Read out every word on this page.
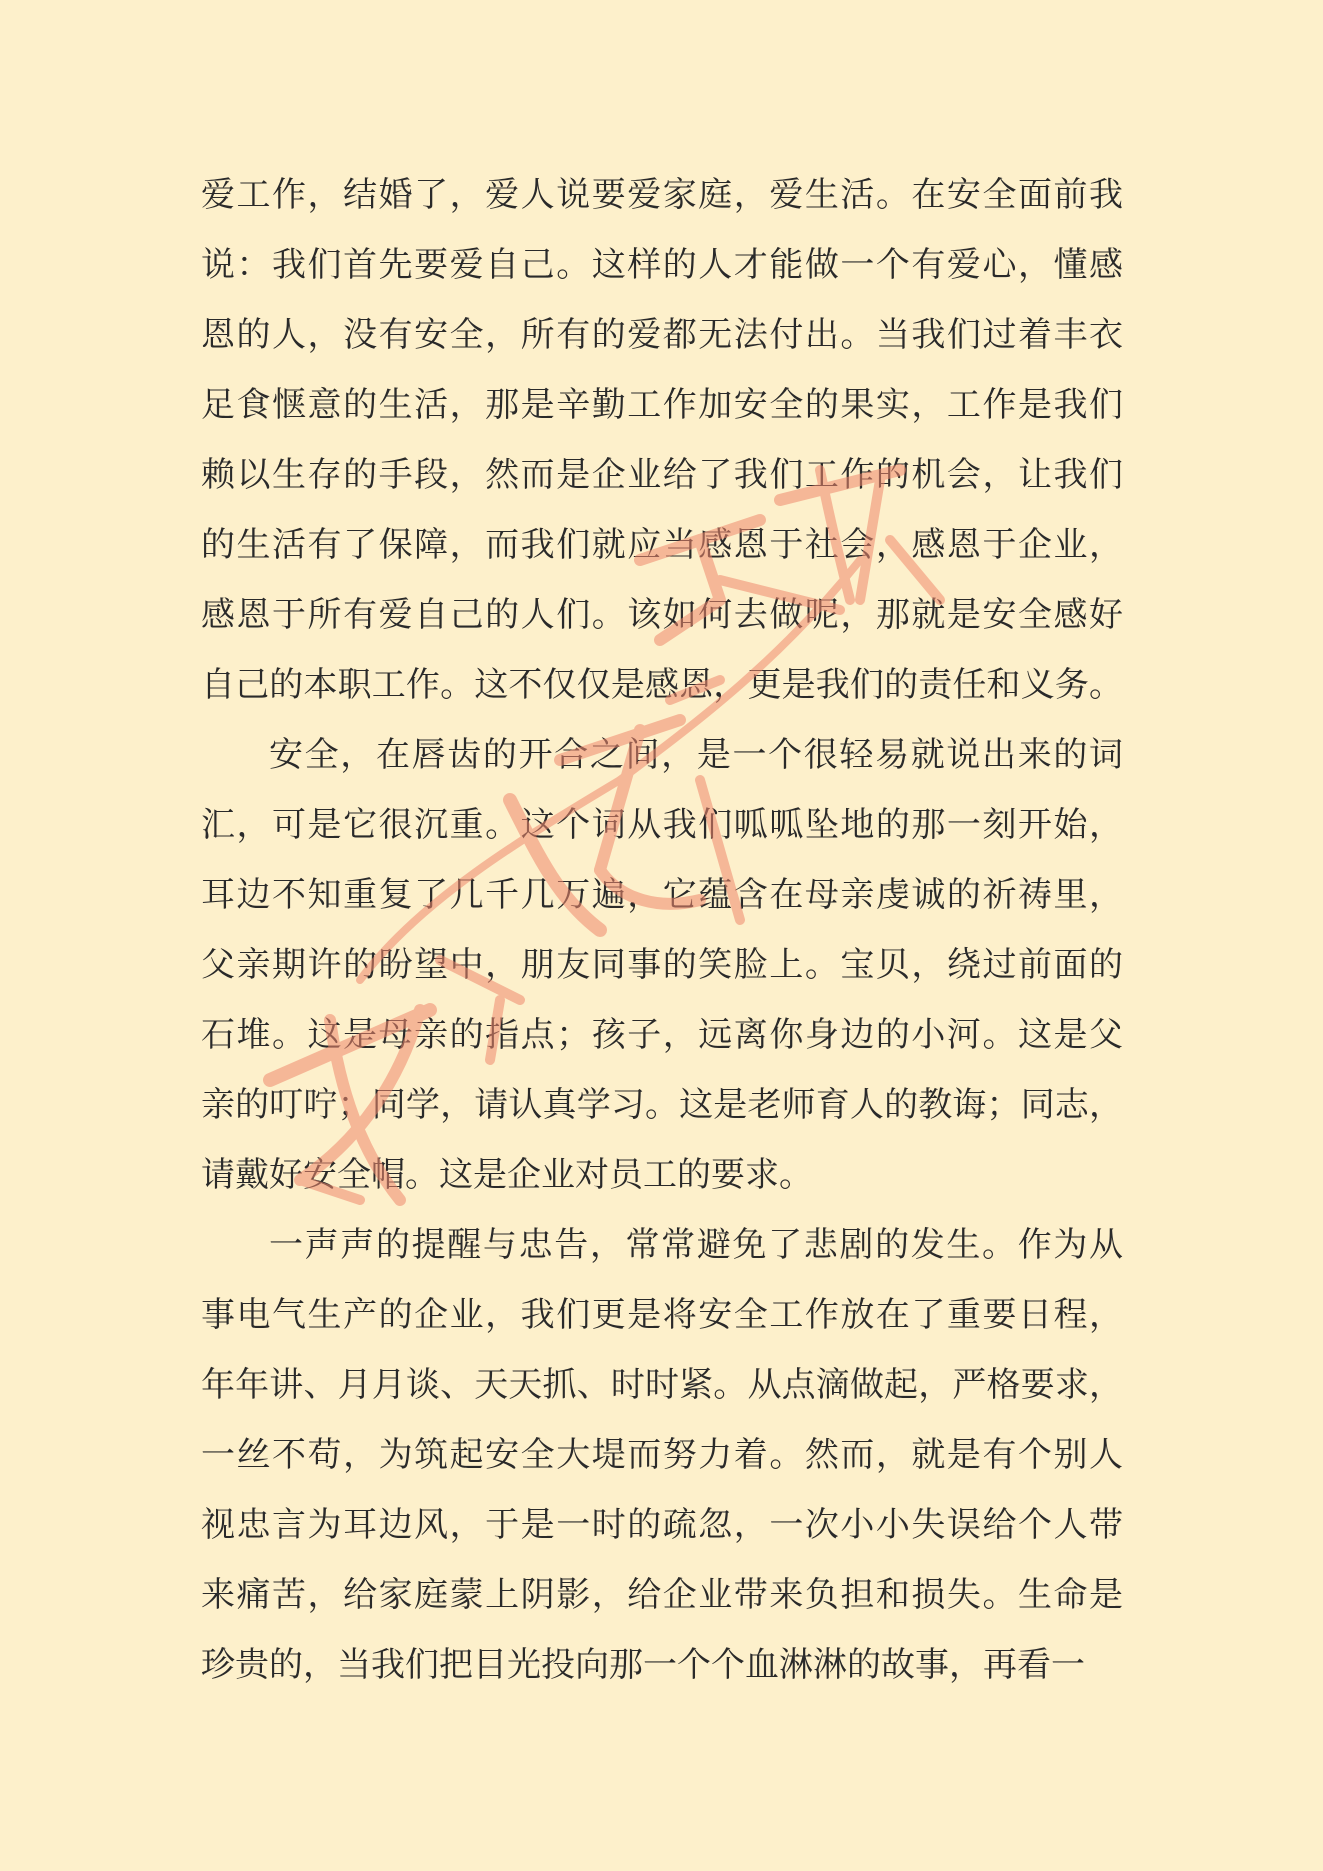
爱工作，结婚了，爱人说要爱家庭，爱生活。在安全面前我
说：我们首先要爱自己。这样的人才能做一个有爱心，懂感
恩的人，没有安全，所有的爱都无法付出。当我们过着丰衣
足食惬意的生活，那是辛勤工作加安全的果实，工作是我们
赖以生存的手段，然而是企业给了我们工作的机会，让我们
的生活有了保障，而我们就应当感恩于社会，感恩于企业，
感恩于所有爱自己的人们。该如何去做呢，那就是安全感好
自己的本职工作。这不仅仅是感恩，更是我们的责任和义务。
安全，在唇齿的开合之间，是一个很轻易就说出来的词
汇，可是它很沉重。这个词从我们呱呱坠地的那一刻开始，
耳边不知重复了几千几万遍，它蕴含在母亲虔诚的祈祷里，
父亲期许的盼望中，朋友同事的笑脸上。宝贝，绕过前面的
石堆。这是母亲的指点；孩子，远离你身边的小河。这是父
亲的叮咛；同学，请认真学习。这是老师育人的教诲；同志，
请戴好安全帽。这是企业对员工的要求。
一声声的提醒与忠告，常常避免了悲剧的发生。作为从
事电气生产的企业，我们更是将安全工作放在了重要日程，
年年讲、月月谈、天天抓、时时紧。从点滴做起，严格要求，
一丝不苟，为筑起安全大堤而努力着。然而，就是有个别人
视忠言为耳边风，于是一时的疏忽，一次小小失误给个人带
来痛苦，给家庭蒙上阴影，给企业带来负担和损失。生命是
珍贵的，当我们把目光投向那一个个血淋淋的故事，再看一
